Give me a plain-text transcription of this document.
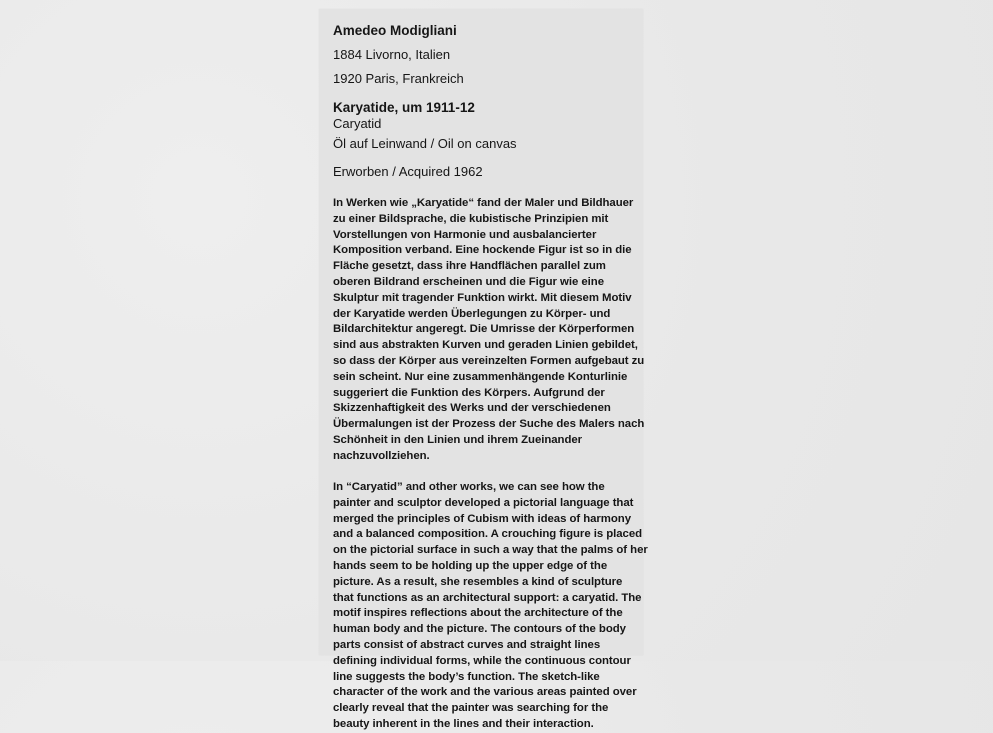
Amedeo Modigliani
1884 Livorno, Italien
1920 Paris, Frankreich
Karyatide, um 1911-12
Caryatid
Öl auf Leinwand / Oil on canvas
Erworben / Acquired 1962

In Werken wie „Karyatide“ fand der Maler und Bildhauer
zu einer Bildsprache, die kubistische Prinzipien mit
Vorstellungen von Harmonie und ausbalancierter
Komposition verband. Eine hockende Figur ist so in die
Fläche gesetzt, dass ihre Handflächen parallel zum
oberen Bildrand erscheinen und die Figur wie eine
Skulptur mit tragender Funktion wirkt. Mit diesem Motiv
der Karyatide werden Überlegungen zu Körper- und
Bildarchitektur angeregt. Die Umrisse der Körperformen
sind aus abstrakten Kurven und geraden Linien gebildet,
so dass der Körper aus vereinzelten Formen aufgebaut zu
sein scheint. Nur eine zusammenhängende Konturlinie
suggeriert die Funktion des Körpers. Aufgrund der
Skizzenhaftigkeit des Werks und der verschiedenen
Übermalungen ist der Prozess der Suche des Malers nach
Schönheit in den Linien und ihrem Zueinander
nachzuvollziehen.

In “Caryatid” and other works, we can see how the
painter and sculptor developed a pictorial language that
merged the principles of Cubism with ideas of harmony
and a balanced composition. A crouching figure is placed
on the pictorial surface in such a way that the palms of her
hands seem to be holding up the upper edge of the
picture. As a result, she resembles a kind of sculpture
that functions as an architectural support: a caryatid. The
motif inspires reflections about the architecture of the
human body and the picture. The contours of the body
parts consist of abstract curves and straight lines
defining individual forms, while the continuous contour
line suggests the body’s function. The sketch-like
character of the work and the various areas painted over
clearly reveal that the painter was searching for the
beauty inherent in the lines and their interaction.
